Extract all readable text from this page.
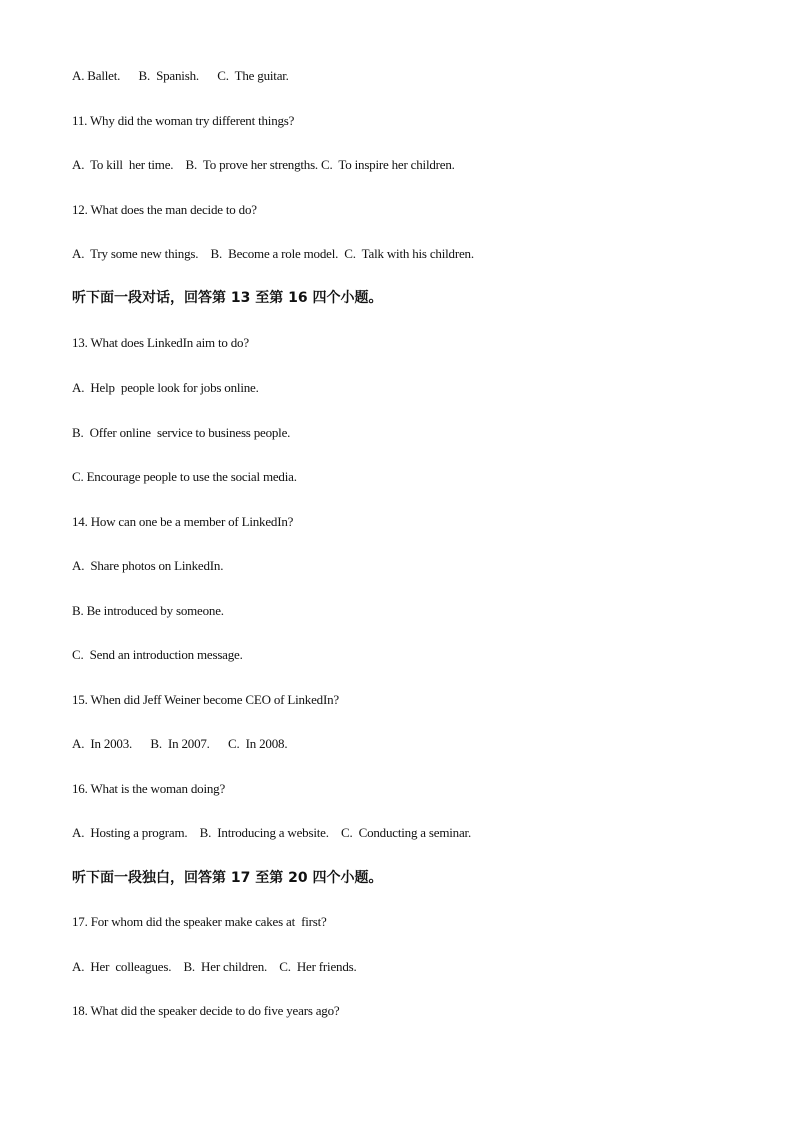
A. Ballet.      B.  Spanish.      C.  The guitar.
11. Why did the woman try different things?
A.  To kill  her time.    B.  To prove her strengths. C.  To inspire her children.
12. What does the man decide to do?
A.  Try some new things.    B.  Become a role model.  C.  Talk with his children.
听下面一段对话，回答第 13 至第 16 四个小题。
13. What does LinkedIn aim to do?
A.  Help  people look for jobs online.
B.  Offer online  service to business people.
C. Encourage people to use the social media.
14. How can one be a member of LinkedIn?
A.  Share photos on LinkedIn.
B. Be introduced by someone.
C.  Send an introduction message.
15. When did Jeff Weiner become CEO of LinkedIn?
A.  In 2003.      B.  In 2007.      C.  In 2008.
16. What is the woman doing?
A.  Hosting a program.    B.  Introducing a website.    C.  Conducting a seminar.
听下面一段独白，回答第 17 至第 20 四个小题。
17. For whom did the speaker make cakes at  first?
A.  Her  colleagues.    B.  Her children.    C.  Her friends.
18. What did the speaker decide to do five years ago?
